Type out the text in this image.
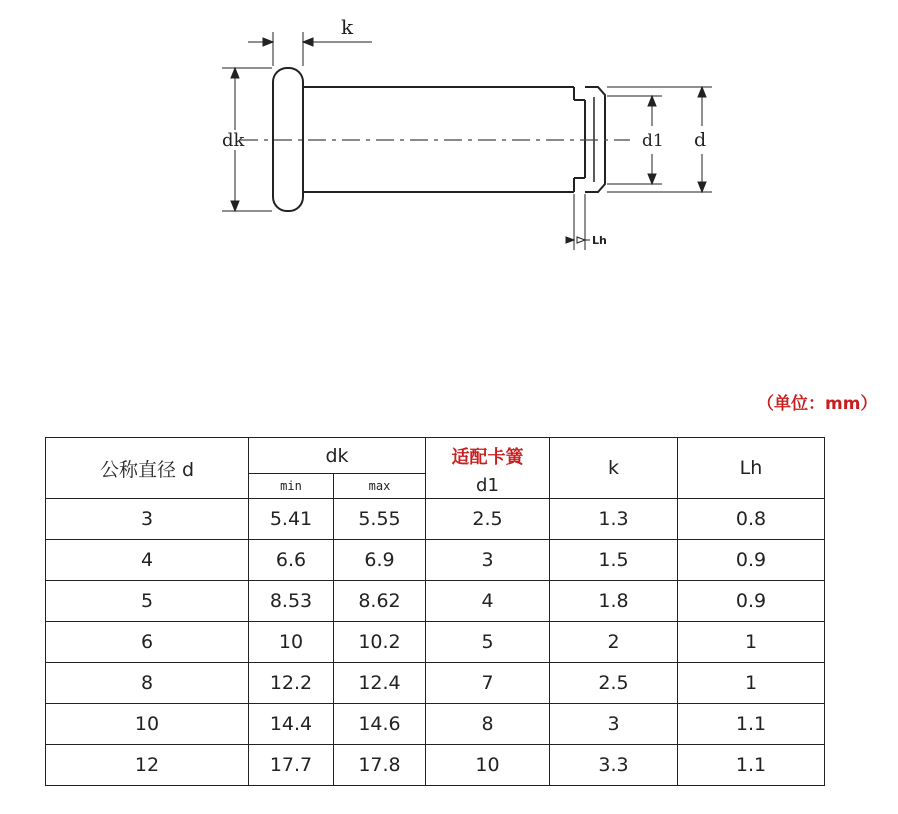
k
dk	d1 d
Lh
（单位：mm）
公称直径 d	dk		适配卡簧	k	Lh
	min	max	d1		
3	5.41	5.55	2.5	1.3	0.8
4	6.6	6.9	3	1.5	0.9
5	8.53	8.62	4	1.8	0.9
6	10	10.2	5	2	1
8	12.2	12.4	7	2.5	1
10	14.4	14.6	8	3	1.1
12	17.7	17.8	10	3.3	1.1
